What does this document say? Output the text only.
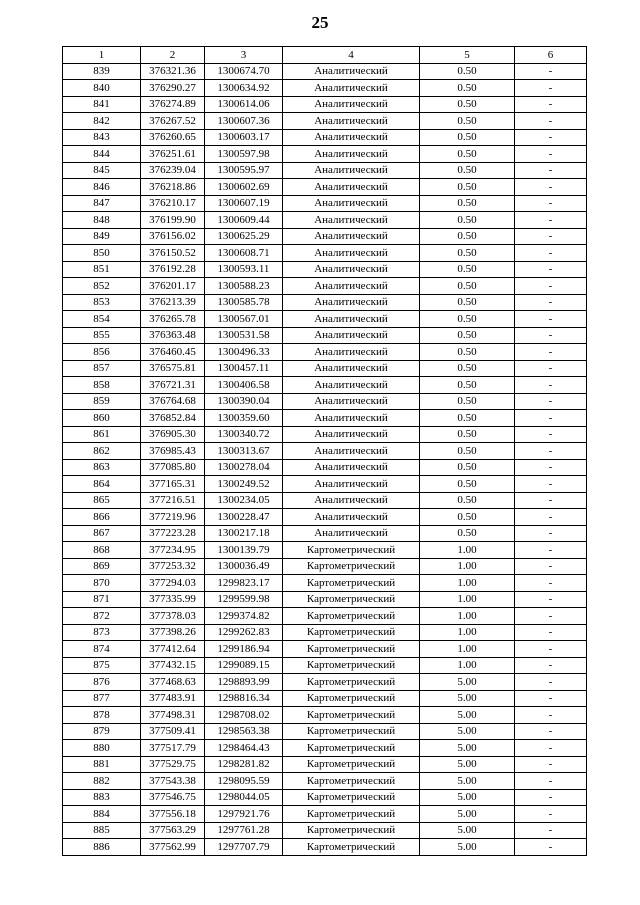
25
1	2	3	4	5	6
839	376321.36	1300674.70	Аналитический	0.50	-
840	376290.27	1300634.92	Аналитический	0.50	-
841	376274.89	1300614.06	Аналитический	0.50	-
842	376267.52	1300607.36	Аналитический	0.50	-
843	376260.65	1300603.17	Аналитический	0.50	-
844	376251.61	1300597.98	Аналитический	0.50	-
845	376239.04	1300595.97	Аналитический	0.50	-
846	376218.86	1300602.69	Аналитический	0.50	-
847	376210.17	1300607.19	Аналитический	0.50	-
848	376199.90	1300609.44	Аналитический	0.50	-
849	376156.02	1300625.29	Аналитический	0.50	-
850	376150.52	1300608.71	Аналитический	0.50	-
851	376192.28	1300593.11	Аналитический	0.50	-
852	376201.17	1300588.23	Аналитический	0.50	-
853	376213.39	1300585.78	Аналитический	0.50	-
854	376265.78	1300567.01	Аналитический	0.50	-
855	376363.48	1300531.58	Аналитический	0.50	-
856	376460.45	1300496.33	Аналитический	0.50	-
857	376575.81	1300457.11	Аналитический	0.50	-
858	376721.31	1300406.58	Аналитический	0.50	-
859	376764.68	1300390.04	Аналитический	0.50	-
860	376852.84	1300359.60	Аналитический	0.50	-
861	376905.30	1300340.72	Аналитический	0.50	-
862	376985.43	1300313.67	Аналитический	0.50	-
863	377085.80	1300278.04	Аналитический	0.50	-
864	377165.31	1300249.52	Аналитический	0.50	-
865	377216.51	1300234.05	Аналитический	0.50	-
866	377219.96	1300228.47	Аналитический	0.50	-
867	377223.28	1300217.18	Аналитический	0.50	-
868	377234.95	1300139.79	Картометрический	1.00	-
869	377253.32	1300036.49	Картометрический	1.00	-
870	377294.03	1299823.17	Картометрический	1.00	-
871	377335.99	1299599.98	Картометрический	1.00	-
872	377378.03	1299374.82	Картометрический	1.00	-
873	377398.26	1299262.83	Картометрический	1.00	-
874	377412.64	1299186.94	Картометрический	1.00	-
875	377432.15	1299089.15	Картометрический	1.00	-
876	377468.63	1298893.99	Картометрический	5.00	-
877	377483.91	1298816.34	Картометрический	5.00	-
878	377498.31	1298708.02	Картометрический	5.00	-
879	377509.41	1298563.38	Картометрический	5.00	-
880	377517.79	1298464.43	Картометрический	5.00	-
881	377529.75	1298281.82	Картометрический	5.00	-
882	377543.38	1298095.59	Картометрический	5.00	-
883	377546.75	1298044.05	Картометрический	5.00	-
884	377556.18	1297921.76	Картометрический	5.00	-
885	377563.29	1297761.28	Картометрический	5.00	-
886	377562.99	1297707.79	Картометрический	5.00	-
